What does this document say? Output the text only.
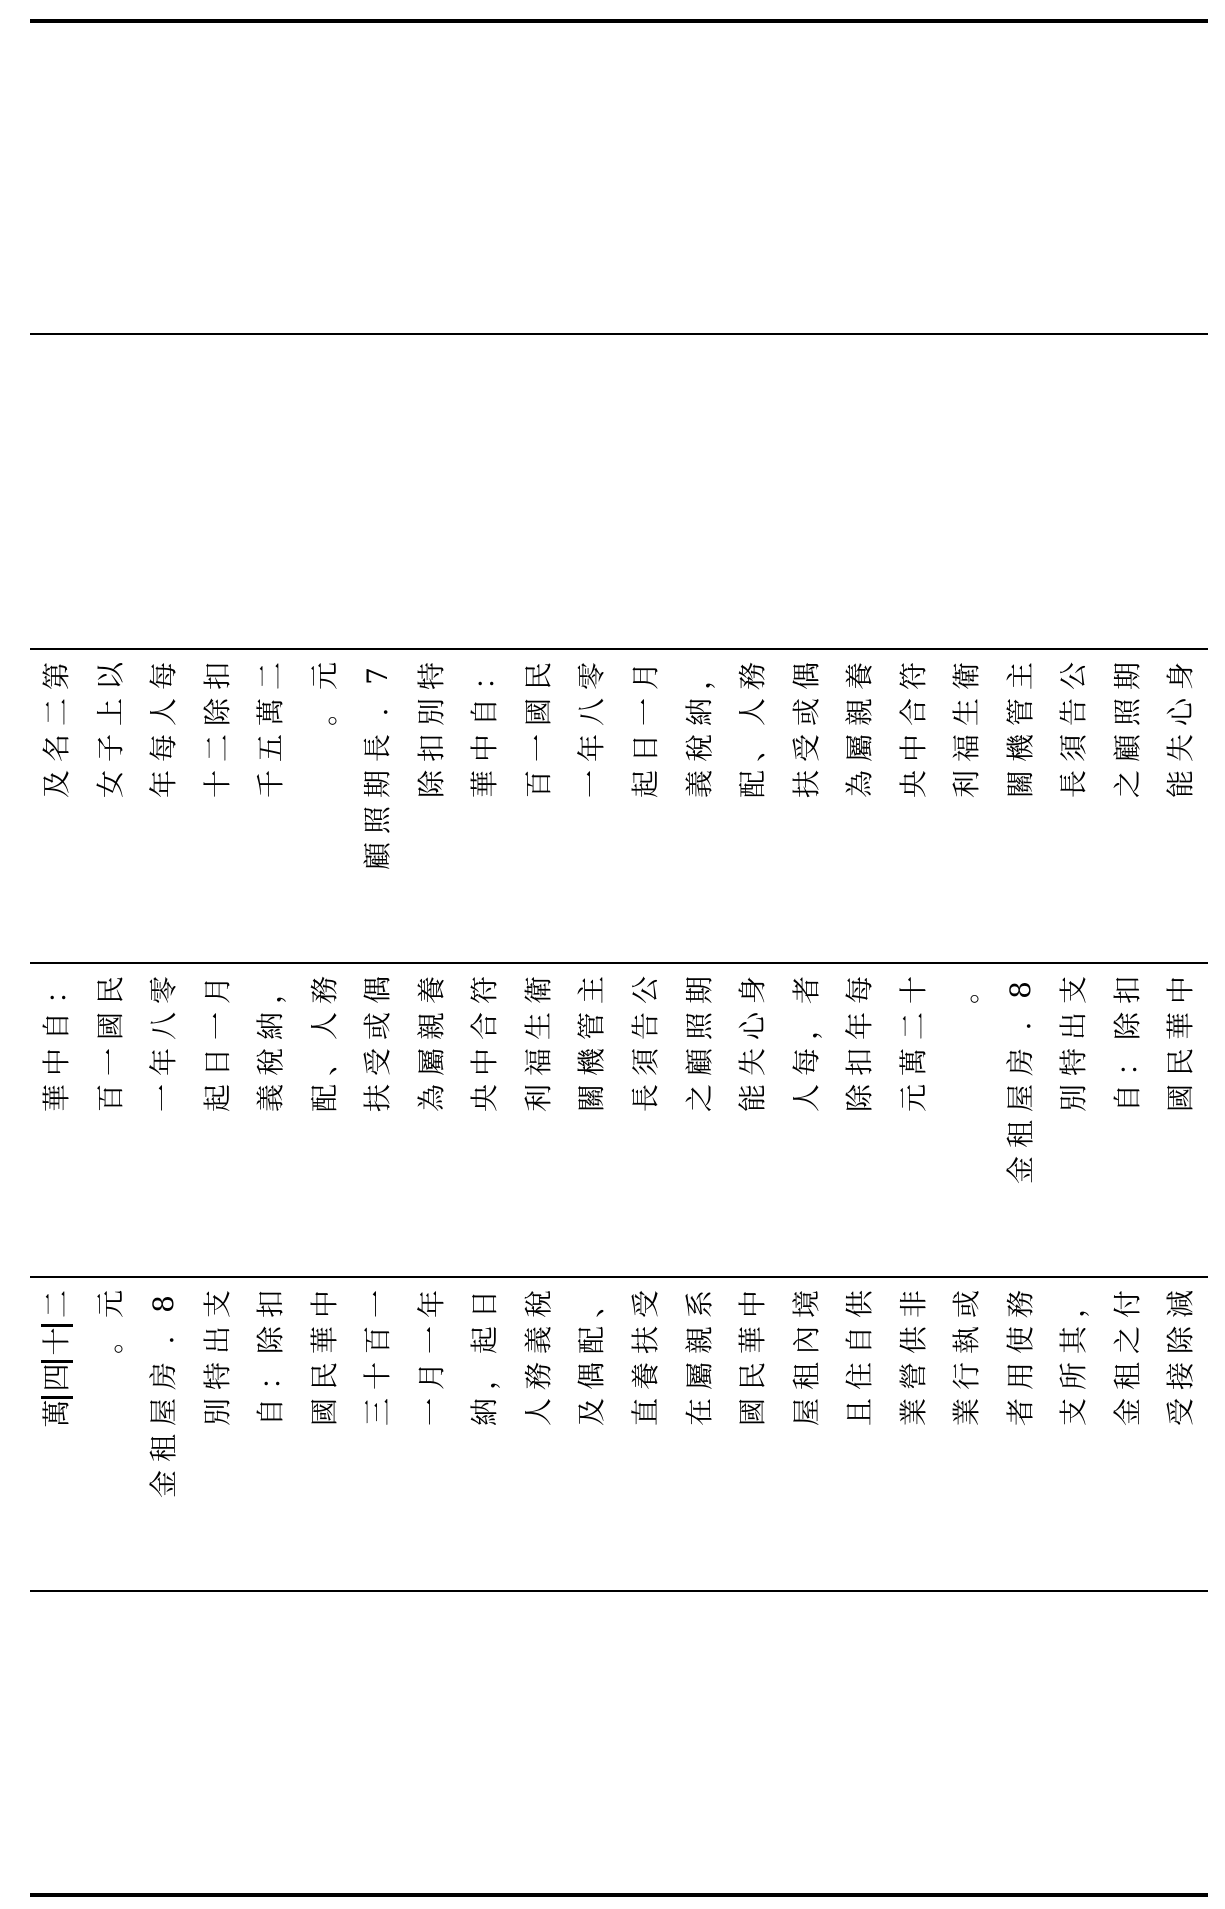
第
二
名
及
以
上
子
女
每
人
每
年
扣
除
二
十
二
萬
五
千
元
。
7
.
長
期
照
顧
特
別
扣
除
：
自
中
華
民
國
一
百
零
八
年
一
月
一
日
起
，
納
稅
義
務
人
、
配
偶
或
受
扶
養
親
屬
為
符
合
中
央
衛
生
福
利
主
管
機
關
公
告
須
長
期
照
顧
之
身
心
失
能
：
自
中
華
民
國
一
百
零
八
年
一
月
一
日
起
，
納
稅
義
務
人
、
配
偶
或
受
扶
養
親
屬
為
符
合
中
央
衛
生
福
利
主
管
機
關
公
告
須
長
期
照
顧
之
身
心
失
能
者
，
每
人
每
年
扣
除
十
二
萬
元
。 8
.
房
屋
租
金
支
出
特
別
扣
除
：
自
中
華
民
國
二
十
四
萬
元
。
8
.
房
屋
租
金
支
出
特
別
扣
除
：
自
中
華
民
國
一
百
十
三
年
一
月
一
日
起
，
納
稅
義
務
人
、
配
偶
及
受
扶
養
直
系
親
屬
在
中
華
民
國
境
內
租
屋
供
自
住
且
非
供
營
業
或
執
行
業
務
使
用
者
，
其
所
支
付
之
租
金
減
除
接
受
